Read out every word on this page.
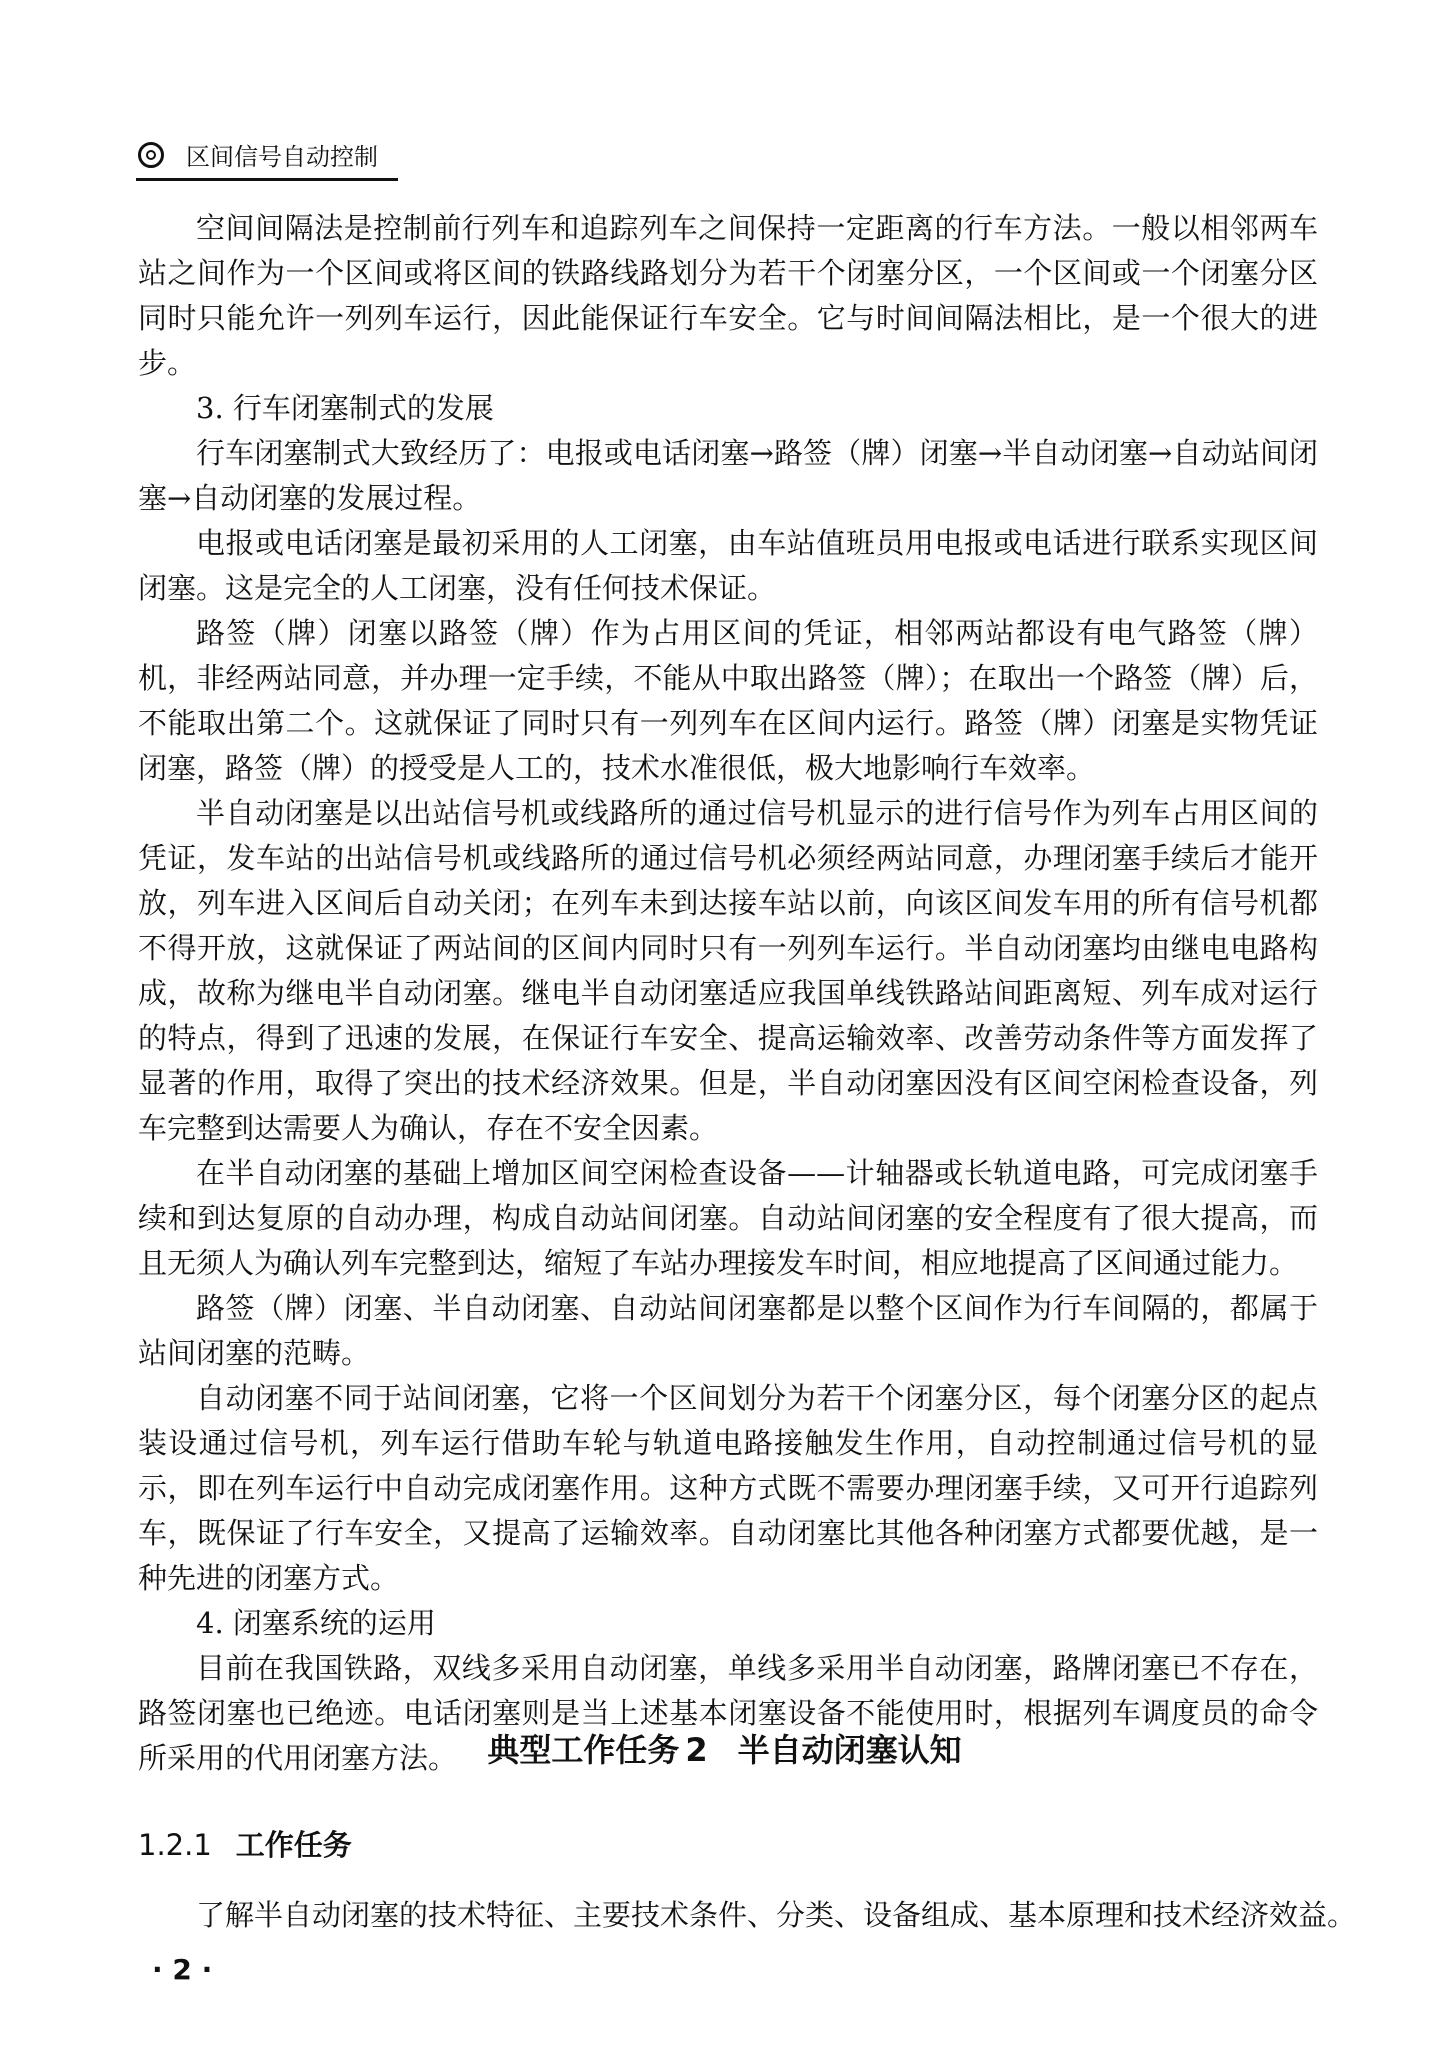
区间信号自动控制

空间间隔法是控制前行列车和追踪列车之间保持一定距离的行车方法。一般以相邻两车站之间作为一个区间或将区间的铁路线路划分为若干个闭塞分区，一个区间或一个闭塞分区同时只能允许一列列车运行，因此能保证行车安全。它与时间间隔法相比，是一个很大的进步。

3. 行车闭塞制式的发展

行车闭塞制式大致经历了：电报或电话闭塞→路签（牌）闭塞→半自动闭塞→自动站间闭塞→自动闭塞的发展过程。

电报或电话闭塞是最初采用的人工闭塞，由车站值班员用电报或电话进行联系实现区间闭塞。这是完全的人工闭塞，没有任何技术保证。

路签（牌）闭塞以路签（牌）作为占用区间的凭证，相邻两站都设有电气路签（牌）机，非经两站同意，并办理一定手续，不能从中取出路签（牌）；在取出一个路签（牌）后，不能取出第二个。这就保证了同时只有一列列车在区间内运行。路签（牌）闭塞是实物凭证闭塞，路签（牌）的授受是人工的，技术水准很低，极大地影响行车效率。

半自动闭塞是以出站信号机或线路所的通过信号机显示的进行信号作为列车占用区间的凭证，发车站的出站信号机或线路所的通过信号机必须经两站同意，办理闭塞手续后才能开放，列车进入区间后自动关闭；在列车未到达接车站以前，向该区间发车用的所有信号机都不得开放，这就保证了两站间的区间内同时只有一列列车运行。半自动闭塞均由继电电路构成，故称为继电半自动闭塞。继电半自动闭塞适应我国单线铁路站间距离短、列车成对运行的特点，得到了迅速的发展，在保证行车安全、提高运输效率、改善劳动条件等方面发挥了显著的作用，取得了突出的技术经济效果。但是，半自动闭塞因没有区间空闲检查设备，列车完整到达需要人为确认，存在不安全因素。

在半自动闭塞的基础上增加区间空闲检查设备——计轴器或长轨道电路，可完成闭塞手续和到达复原的自动办理，构成自动站间闭塞。自动站间闭塞的安全程度有了很大提高，而且无须人为确认列车完整到达，缩短了车站办理接发车时间，相应地提高了区间通过能力。

路签（牌）闭塞、半自动闭塞、自动站间闭塞都是以整个区间作为行车间隔的，都属于站间闭塞的范畴。

自动闭塞不同于站间闭塞，它将一个区间划分为若干个闭塞分区，每个闭塞分区的起点装设通过信号机，列车运行借助车轮与轨道电路接触发生作用，自动控制通过信号机的显示，即在列车运行中自动完成闭塞作用。这种方式既不需要办理闭塞手续，又可开行追踪列车，既保证了行车安全，又提高了运输效率。自动闭塞比其他各种闭塞方式都要优越，是一种先进的闭塞方式。

4. 闭塞系统的运用

目前在我国铁路，双线多采用自动闭塞，单线多采用半自动闭塞，路牌闭塞已不存在，路签闭塞也已绝迹。电话闭塞则是当上述基本闭塞设备不能使用时，根据列车调度员的命令所采用的代用闭塞方法。 典型工作任务 2 半自动闭塞认知
1.2.1 工作任务
了解半自动闭塞的技术特征、主要技术条件、分类、设备组成、基本原理和技术经济效益。
· 2 ·
